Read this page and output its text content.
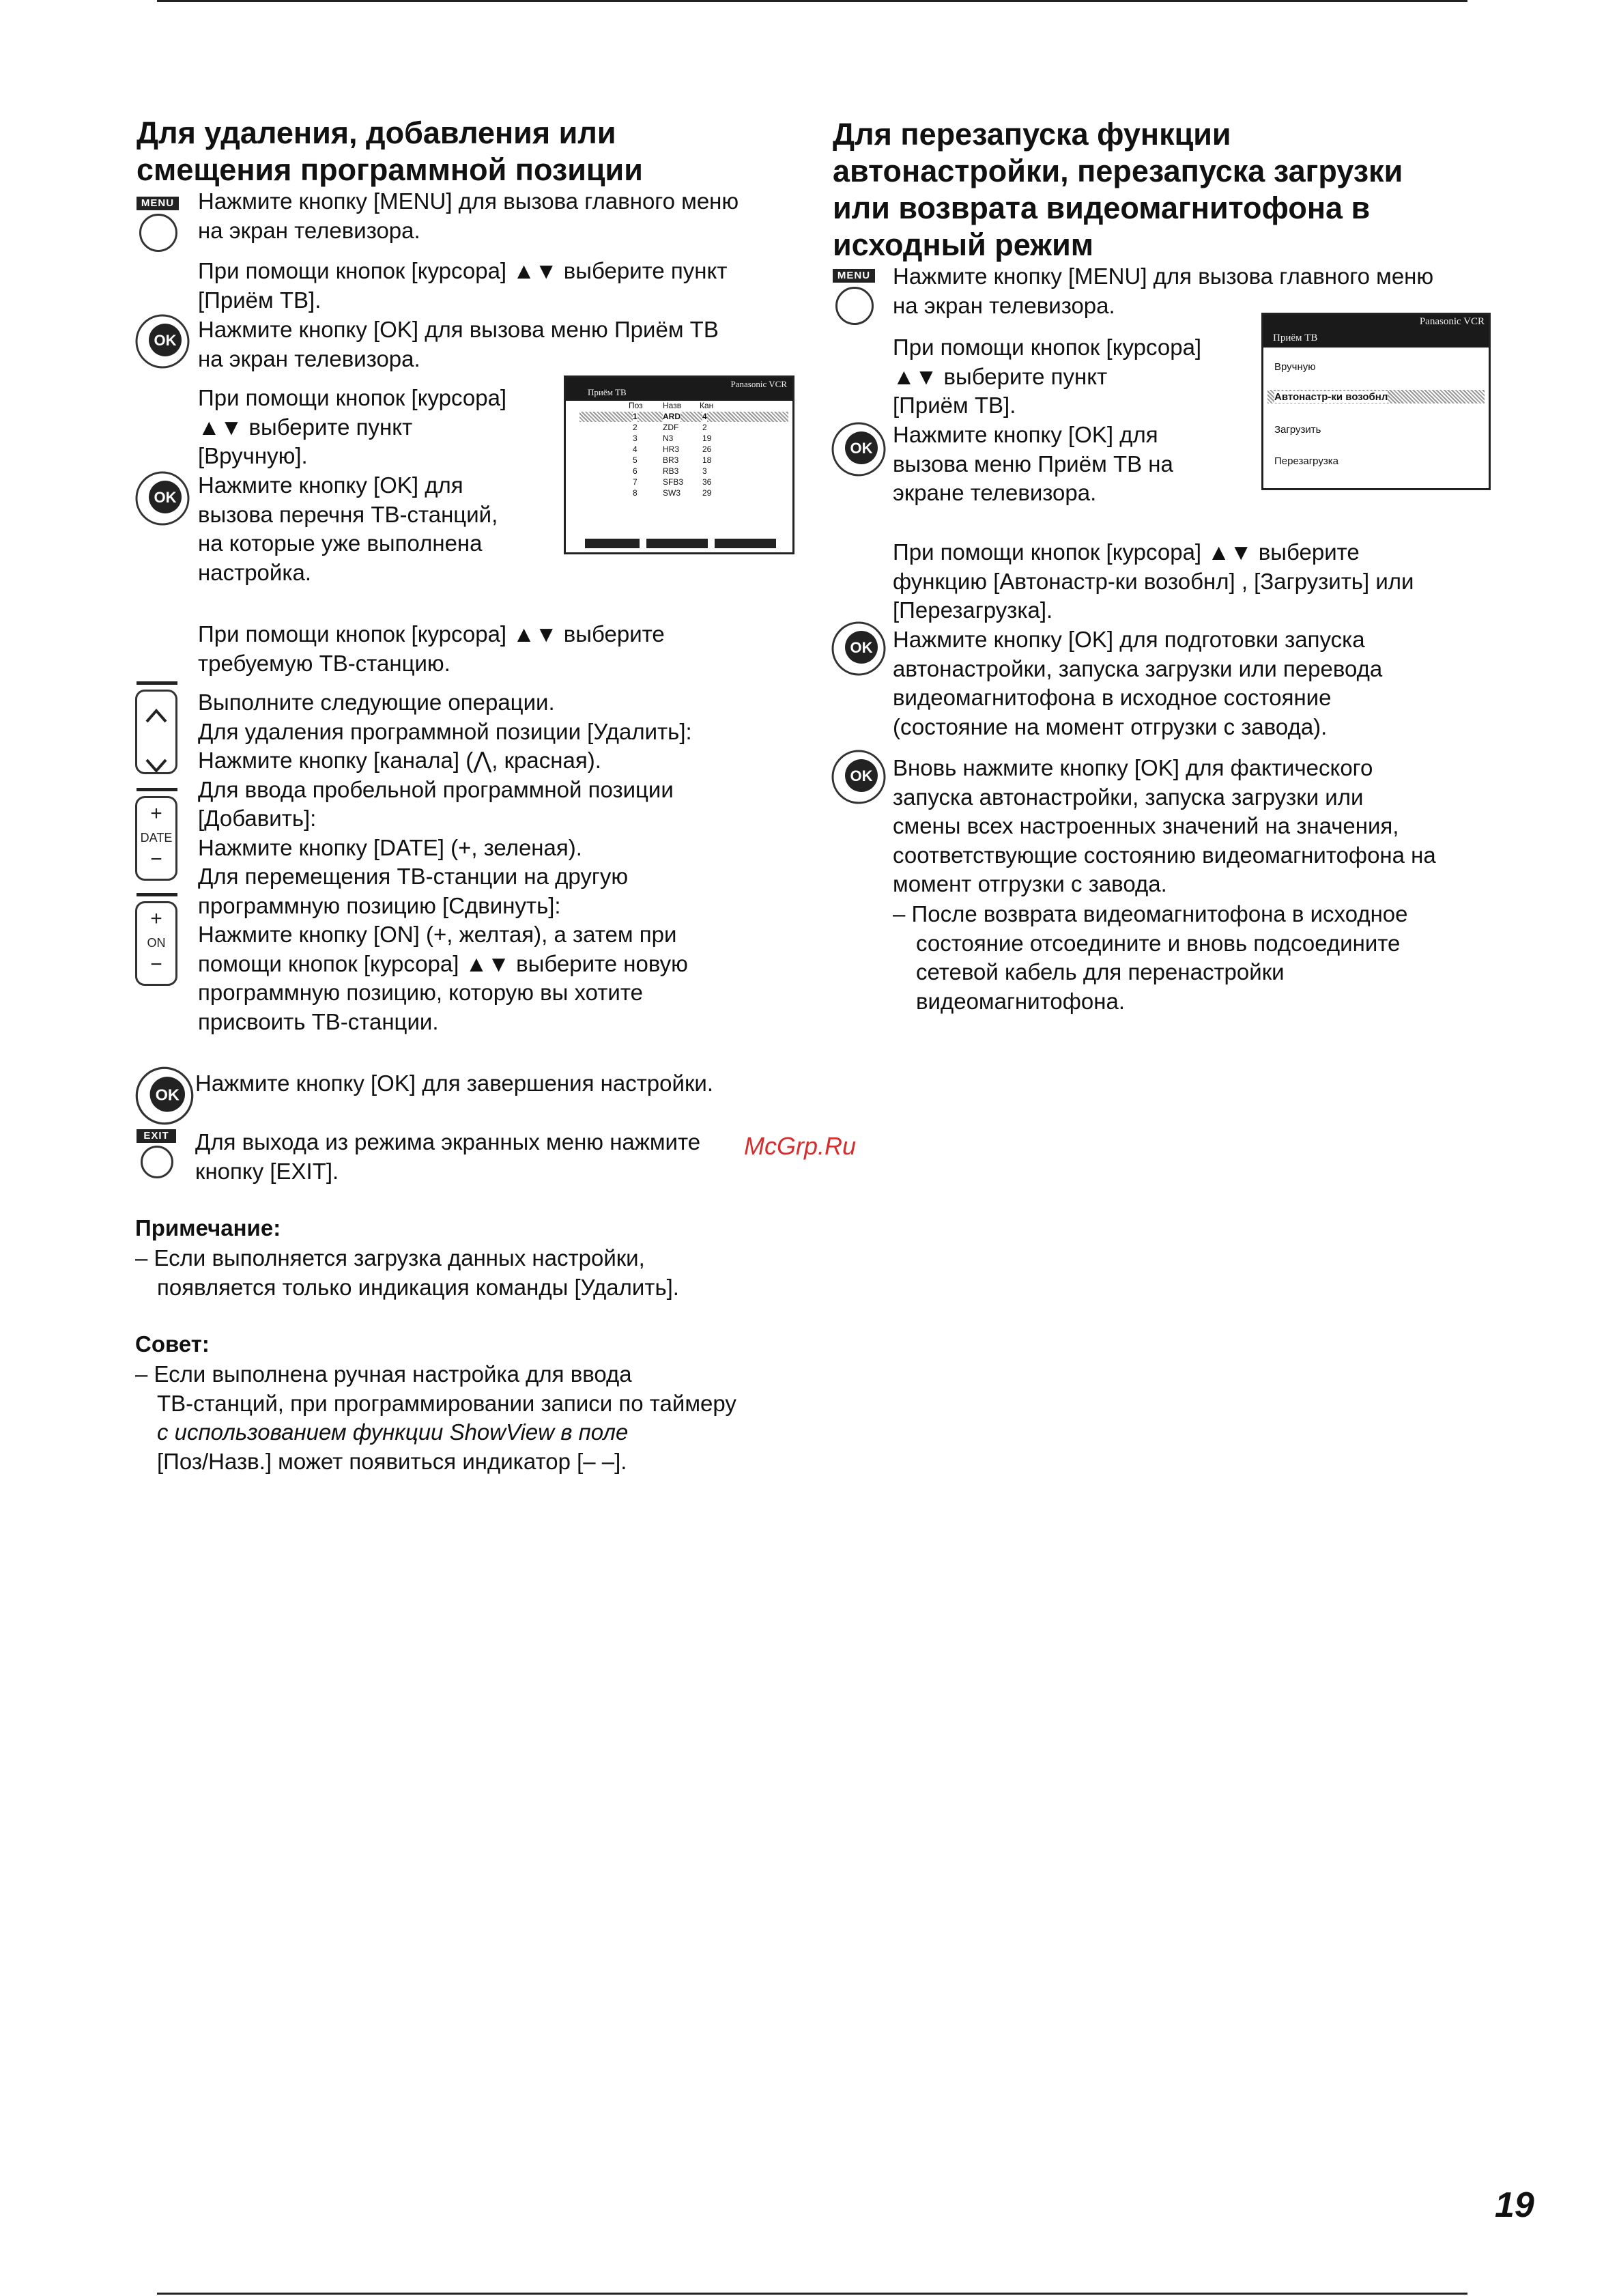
Для удаления, добавления или
смещения программной позиции
MENU Нажмите кнопку [MENU] для вызова главного меню
на экран телевизора.
При помощи кнопок [курсора] ▲▼ выберите пункт
[Приём ТВ].
OK Нажмите кнопку [OK] для вызова меню Приём ТВ
на экран телевизора.
При помощи кнопок [курсора]
▲▼ выберите пункт
[Вручную].
OK Нажмите кнопку [OK] для
вызова перечня ТВ-станций,
на которые уже выполнена
настройка.
Приём ТВ
Panasonic VCR
Поз Назв Кан
1	ARD	4
2	ZDF	2
3	N3	19
4	HR3	26
5	BR3	18
6	RB3	3
7	SFB3 36
8	SW3	29
При помощи кнопок [курсора] ▲▼ выберите
требуемую ТВ-станцию.
+
DATE
−
+
ON
−
Выполните следующие операции.
Для удаления программной позиции [Удалить]:
Нажмите кнопку [канала] (⋀, красная).
Для ввода пробельной программной позиции
[Добавить]:
Нажмите кнопку [DATE] (+, зеленая).
Для перемещения ТВ-станции на другую
программную позицию [Сдвинуть]:
Нажмите кнопку [ON] (+, желтая), а затем при
помощи кнопок [курсора] ▲▼ выберите новую
программную позицию, которую вы хотите
присвоить ТВ-станции.
OK Нажмите кнопку [OK] для завершения настройки.
EXIT	Для выхода из режима экранных меню нажмите
кнопку [EXIT].
McGrp.Ru
Примечание:
– Если выполняется загрузка данных настройки,
появляется только индикация команды [Удалить].
Совет:
– Если выполнена ручная настройка для ввода
ТВ-станций, при программировании записи по таймеру
с использованием функции ShowView в поле
[Поз/Назв.] может появиться индикатор [– –].
Для перезапуска функции
автонастройки, перезапуска загрузки
или возврата видеомагнитофона в
исходный режим
MENU Нажмите кнопку [MENU] для вызова главного меню
на экран телевизора.
При помощи кнопок [курсора]
▲▼ выберите пункт
[Приём ТВ].
Panasonic VCR
Приём ТВ
Вручную
Автонастр-ки возобнл
Загрузить
Перезагрузка
OK
Нажмите кнопку [OK] для
вызова меню Приём ТВ на
экране телевизора.
При помощи кнопок [курсора] ▲▼ выберите
функцию [Автонастр-ки возобнл] , [Загрузить] или
[Перезагрузка].
OK Нажмите кнопку [OK] для подготовки запуска
автонастройки, запуска загрузки или перевода
видеомагнитофона в исходное состояние
(состояние на момент отгрузки с завода).
OK Вновь нажмите кнопку [OK] для фактического
запуска автонастройки, запуска загрузки или
смены всех настроенных значений на значения,
соответствующие состоянию видеомагнитофона на
момент отгрузки с завода.
– После возврата видеомагнитофона в исходное
состояние отсоедините и вновь подсоедините
сетевой кабель для перенастройки
видеомагнитофона.
19
